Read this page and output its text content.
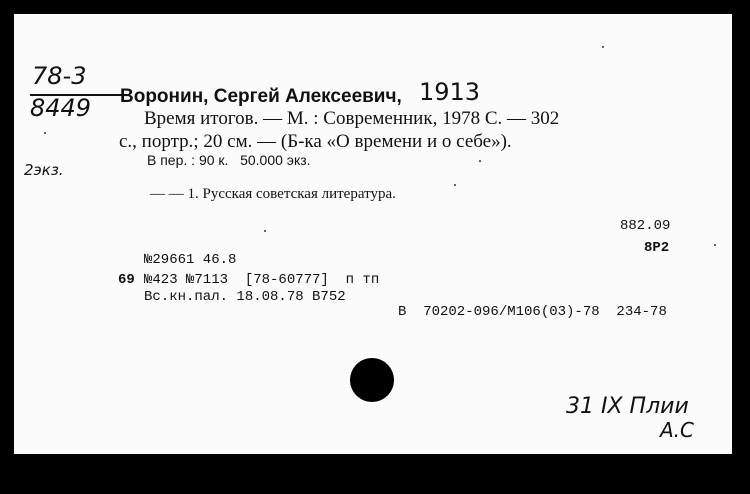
78-3
8449 Воронин, Сергей Алексеевич, 1913
Время итогов. — М. : Современник, 1978 С. — 302
с., портр.; 20 см. — (Б-ка «О времени и о себе»).
В пер. : 90 к.   50.000 экз.
2экз.
— — 1. Русская советская литература.
882.09
8Р2
№29661 46.8
69 №423 №7113  [78-60777]  п тп
Вс.кн.пал. 18.08.78 В752
В  70202-096/М106(03)-78  234-78
31 IX Плии
А.С
